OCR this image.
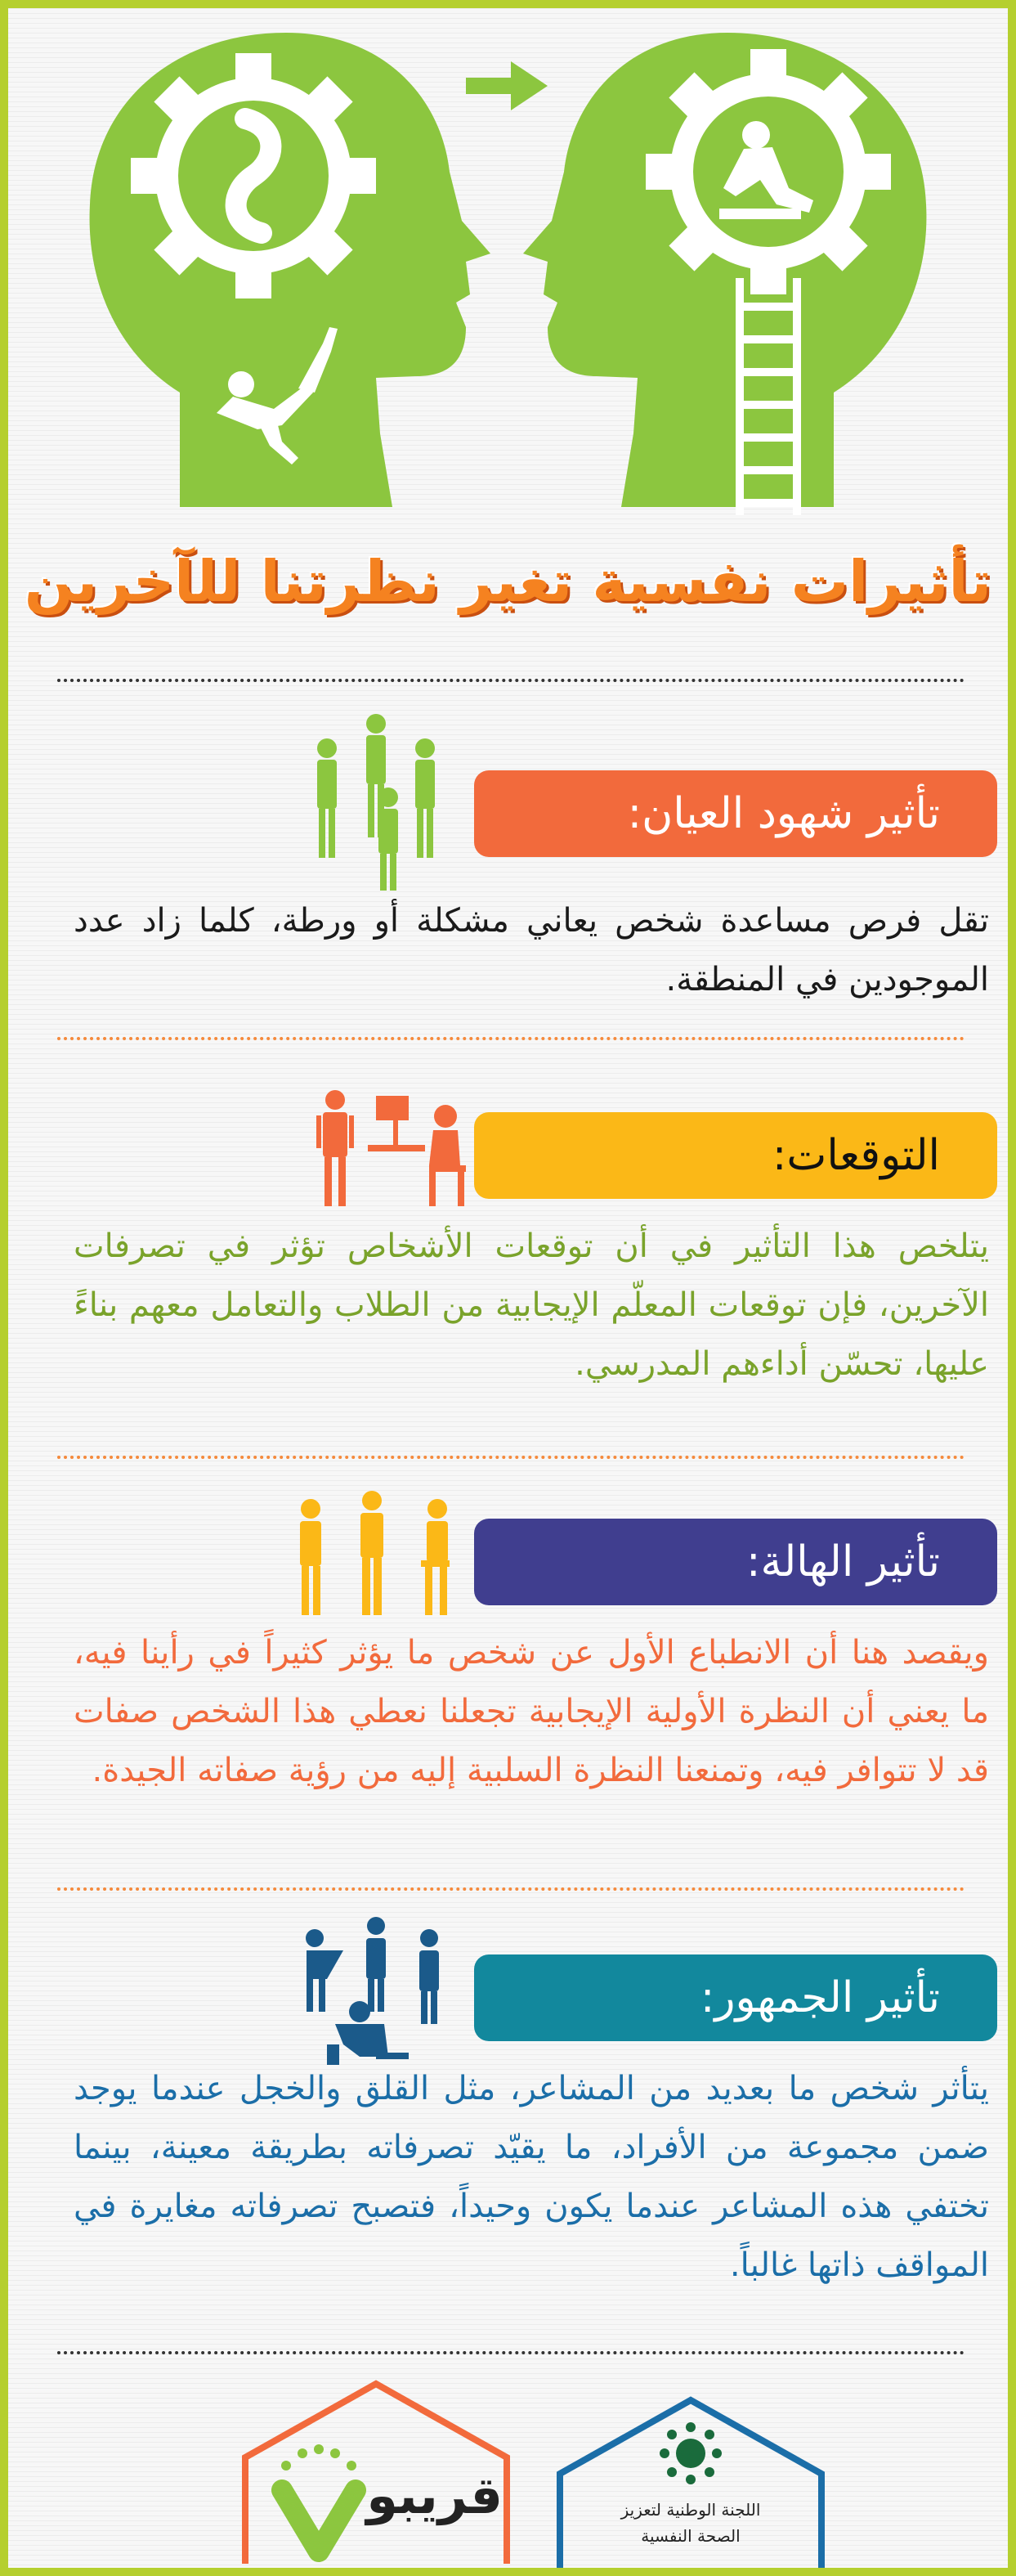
تأثيرات نفسية تغير نظرتنا للآخرين
تأثير شهود العيان:
تقل فرص مساعدة شخص يعاني مشكلة أو ورطة، كلما زاد عدد الموجودين في المنطقة.
التوقعات:
يتلخص هذا التأثير في أن توقعات الأشخاص تؤثر في تصرفات الآخرين، فإن توقعات المعلّم الإيجابية من الطلاب والتعامل معهم بناءً عليها، تحسّن أداءهم المدرسي.
تأثير الهالة:
ويقصد هنا أن الانطباع الأول عن شخص ما يؤثر كثيراً في رأينا فيه، ما يعني أن النظرة الأولية الإيجابية تجعلنا نعطي هذا الشخص صفات قد لا تتوافر فيه، وتمنعنا النظرة السلبية إليه من رؤية صفاته الجيدة.
تأثير الجمهور:
يتأثر شخص ما بعديد من المشاعر، مثل القلق والخجل عندما يوجد ضمن مجموعة من الأفراد، ما يقيّد تصرفاته بطريقة معينة، بينما تختفي هذه المشاعر عندما يكون وحيداً، فتصبح تصرفاته مغايرة في المواقف ذاتها غالباً.
قريبو	اللجنة الوطنية لتعزيز
الصحة النفسية
